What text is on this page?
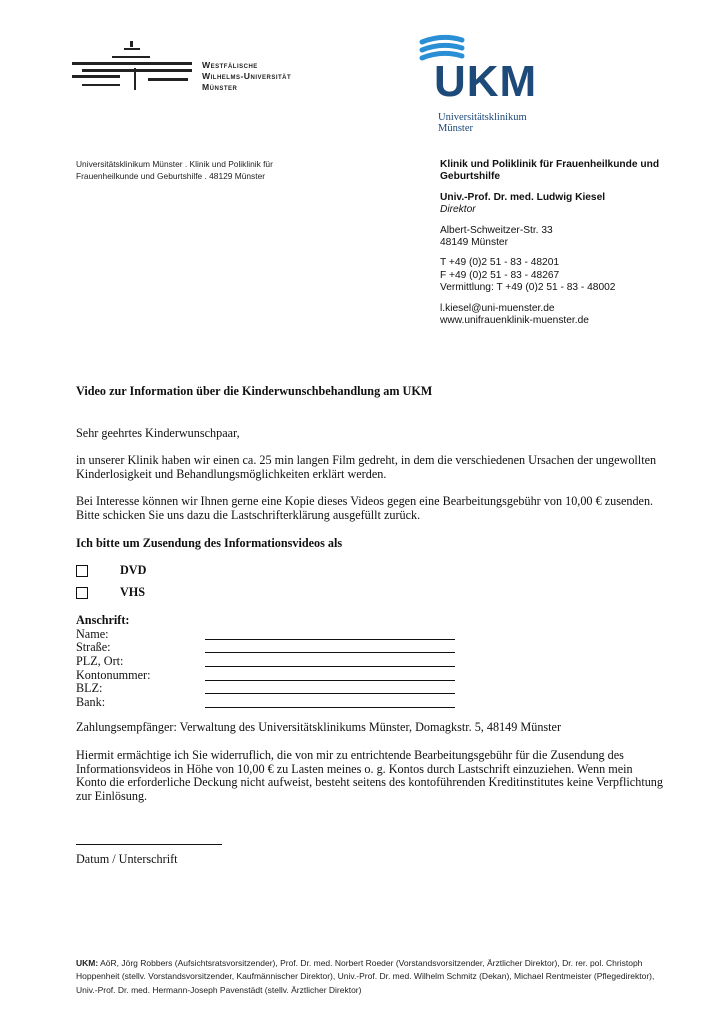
Westfälische
Wilhelms-Universität
Münster	UKM
Universitätsklinikum
Münster
Universitätsklinikum Münster . Klinik und Poliklinik für Frauenheilkunde und Geburtshilfe . 48129 Münster

Klinik und Poliklinik für Frauenheilkunde und Geburtshilfe

Univ.-Prof. Dr. med. Ludwig Kiesel
Direktor

Albert-Schweitzer-Str. 33
48149 Münster

T +49 (0)2 51 - 83 - 48201
F +49 (0)2 51 - 83 - 48267
Vermittlung: T +49 (0)2 51 - 83 - 48002

l.kiesel@uni-muenster.de
www.unifrauenklinik-muenster.de

Video zur Information über die Kinderwunschbehandlung am UKM

Sehr geehrtes Kinderwunschpaar,

in unserer Klinik haben wir einen ca. 25 min langen Film gedreht, in dem die verschiedenen Ursachen der ungewollten Kinderlosigkeit und Behandlungsmöglichkeiten erklärt werden.

Bei Interesse können wir Ihnen gerne eine Kopie dieses Videos gegen eine Bearbeitungsgebühr von 10,00 € zusenden. Bitte schicken Sie uns dazu die Lastschrifterklärung ausgefüllt zurück.

Ich bitte um Zusendung des Informationsvideos als

DVD
VHS

Anschrift:

Name:
Straße:
PLZ, Ort:
Kontonummer:
BLZ:
Bank:

Zahlungsempfänger: Verwaltung des Universitätsklinikums Münster, Domagkstr. 5, 48149 Münster

Hiermit ermächtige ich Sie widerruflich, die von mir zu entrichtende Bearbeitungsgebühr für die Zusendung des Informationsvideos in Höhe von 10,00 € zu Lasten meines o. g. Kontos durch Lastschrift einzuziehen. Wenn mein Konto die erforderliche Deckung nicht aufweist, besteht seitens des kontoführenden Kreditinstitutes keine Verpflichtung zur Einlösung.

Datum / Unterschrift

UKM: AöR, Jörg Robbers (Aufsichtsratsvorsitzender), Prof. Dr. med. Norbert Roeder (Vorstandsvorsitzender, Ärztlicher Direktor), Dr. rer. pol. Christoph Hoppenheit (stellv. Vorstandsvorsitzender, Kaufmännischer Direktor), Univ.-Prof. Dr. med. Wilhelm Schmitz (Dekan), Michael Rentmeister (Pflegedirektor), Univ.-Prof. Dr. med. Hermann-Joseph Pavenstädt (stellv. Ärztlicher Direktor)
